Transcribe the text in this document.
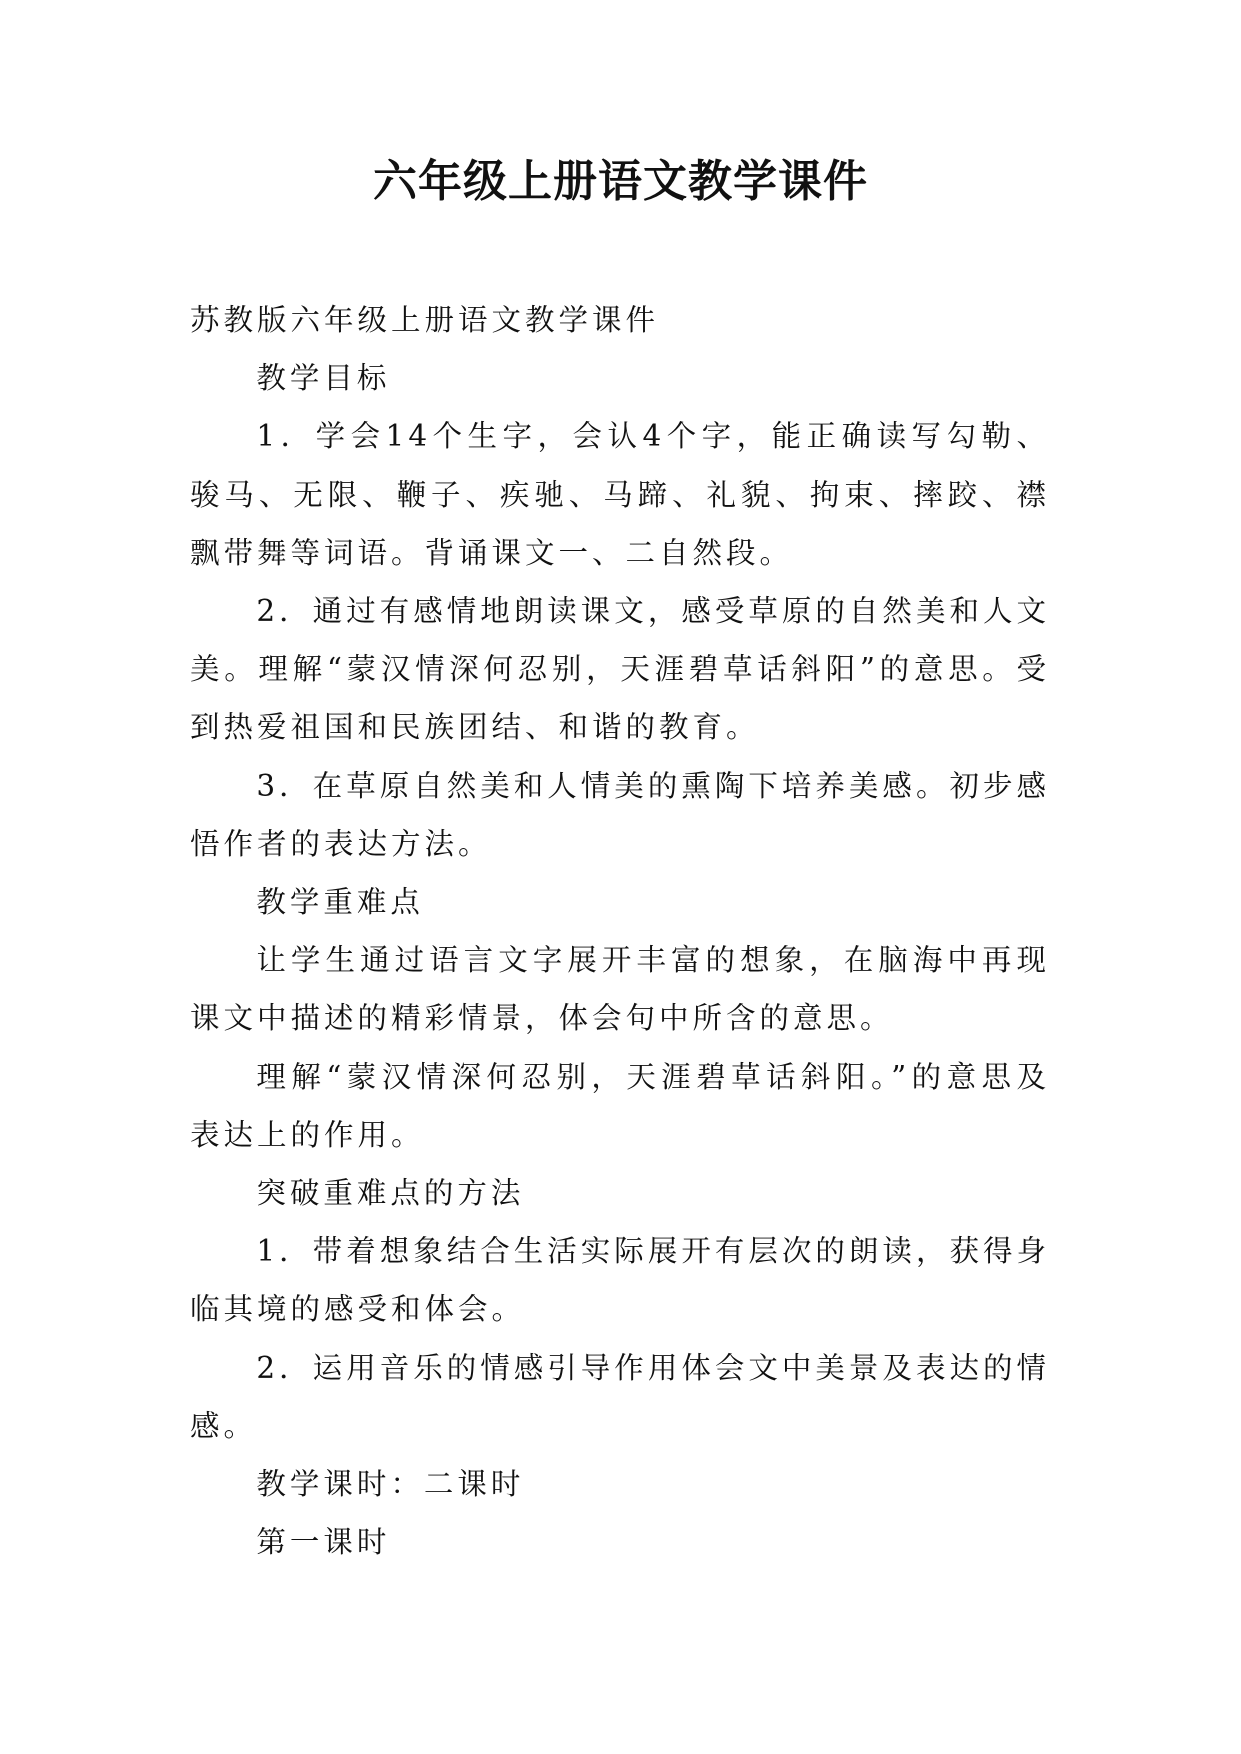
六年级上册语文教学课件

苏教版六年级上册语文教学课件

教学目标

1．学会14个生字，会认4个字，能正确读写勾勒、骏马、无限、鞭子、疾驰、马蹄、礼貌、拘束、摔跤、襟飘带舞等词语。背诵课文一、二自然段。

2．通过有感情地朗读课文，感受草原的自然美和人文美。理解“蒙汉情深何忍别，天涯碧草话斜阳”的意思。受到热爱祖国和民族团结、和谐的教育。

3．在草原自然美和人情美的熏陶下培养美感。初步感悟作者的表达方法。

教学重难点

让学生通过语言文字展开丰富的想象，在脑海中再现课文中描述的精彩情景，体会句中所含的意思。

理解“蒙汉情深何忍别，天涯碧草话斜阳。”的意思及表达上的作用。

突破重难点的方法

1．带着想象结合生活实际展开有层次的朗读，获得身临其境的感受和体会。

2．运用音乐的情感引导作用体会文中美景及表达的情感。

教学课时：二课时

第一课时
